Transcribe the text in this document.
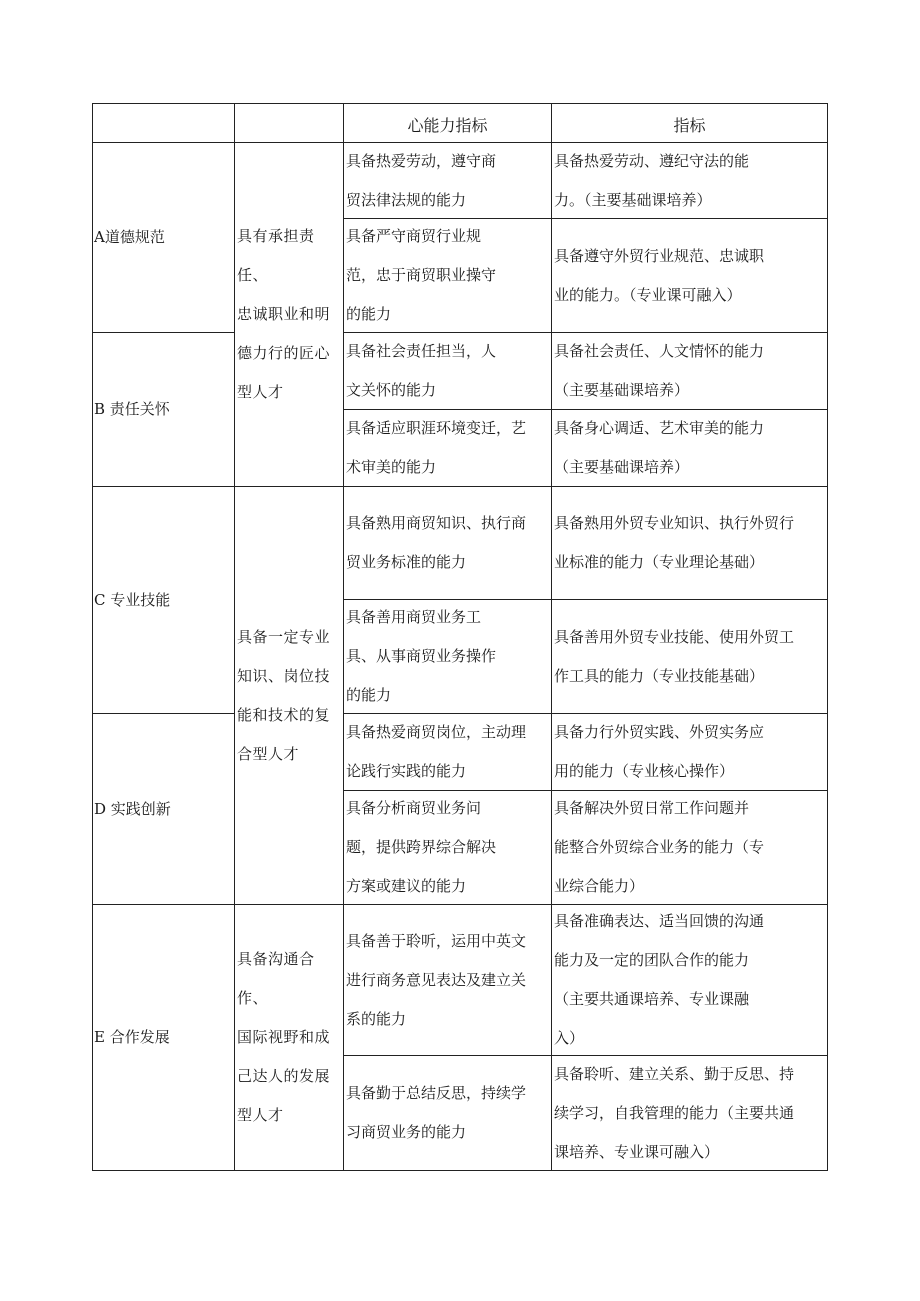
心能力指标	指标
A道德规范
B 责任关怀
C 专业技能
D 实践创新
E 合作发展
具有承担责任、
忠诚职业和明
德力行的匠心
型人才
具备一定专业
知识、岗位技
能和技术的复
合型人才
具备沟通合作、
国际视野和成
己达人的发展
型人才
具备热爱劳动，遵守商
贸法律法规的能力
具备热爱劳动、遵纪守法的能
力。（主要基础课培养）
具备严守商贸行业规
范，忠于商贸职业操守
的能力
具备遵守外贸行业规范、忠诚职
业的能力。（专业课可融入）
具备社会责任担当，人
文关怀的能力
具备社会责任、人文情怀的能力
（主要基础课培养）
具备适应职涯环境变迁，艺
术审美的能力
具备身心调适、艺术审美的能力
（主要基础课培养）
具备熟用商贸知识、执行商
贸业务标准的能力
具备熟用外贸专业知识、执行外贸行
业标准的能力（专业理论基础）
具备善用商贸业务工
具、从事商贸业务操作
的能力
具备善用外贸专业技能、使用外贸工
作工具的能力（专业技能基础）
具备热爱商贸岗位，主动理
论践行实践的能力
具备力行外贸实践、外贸实务应
用的能力（专业核心操作）
具备分析商贸业务问
题，提供跨界综合解决
方案或建议的能力
具备解决外贸日常工作问题并
能整合外贸综合业务的能力（专
业综合能力）
具备善于聆听，运用中英文
进行商务意见表达及建立关
系的能力
具备准确表达、适当回馈的沟通
能力及一定的团队合作的能力
（主要共通课培养、专业课融
入）
具备勤于总结反思，持续学
习商贸业务的能力
具备聆听、建立关系、勤于反思、持
续学习，自我管理的能力（主要共通
课培养、专业课可融入）
